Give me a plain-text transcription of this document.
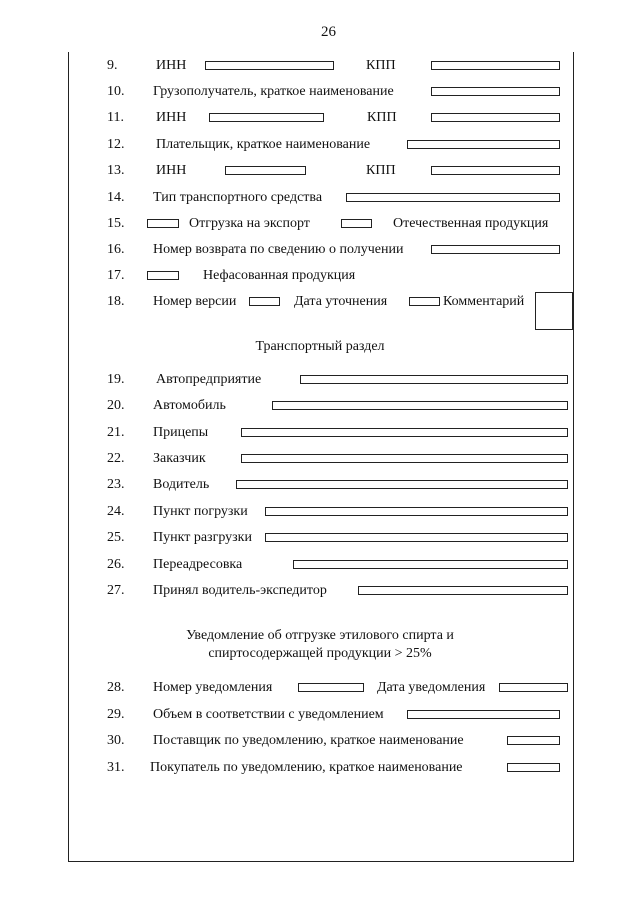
26
9.	ИНН	КПП
10. Грузополучатель, краткое наименование
11. ИНН	КПП
12. Плательщик, краткое наименование
13. ИНН	КПП
14. Тип транспортного средства
15.	Отгрузка на экспорт	Отечественная продукция
16. Номер возврата по сведению о получении
17.	Нефасованная продукция
18. Номер версии	Дата уточнения	Комментарий
Транспортный раздел
19. Автопредприятие
20. Автомобиль
21. Прицепы
22. Заказчик
23. Водитель
24. Пункт погрузки
25. Пункт разгрузки
26. Переадресовка
27. Принял водитель-экспедитор
Уведомление об отгрузке этилового спирта и
спиртосодержащей продукции > 25%
28. Номер уведомления	Дата уведомления
29. Объем в соответствии с уведомлением
30. Поставщик по уведомлению, краткое наименование
31. Покупатель по уведомлению, краткое наименование
